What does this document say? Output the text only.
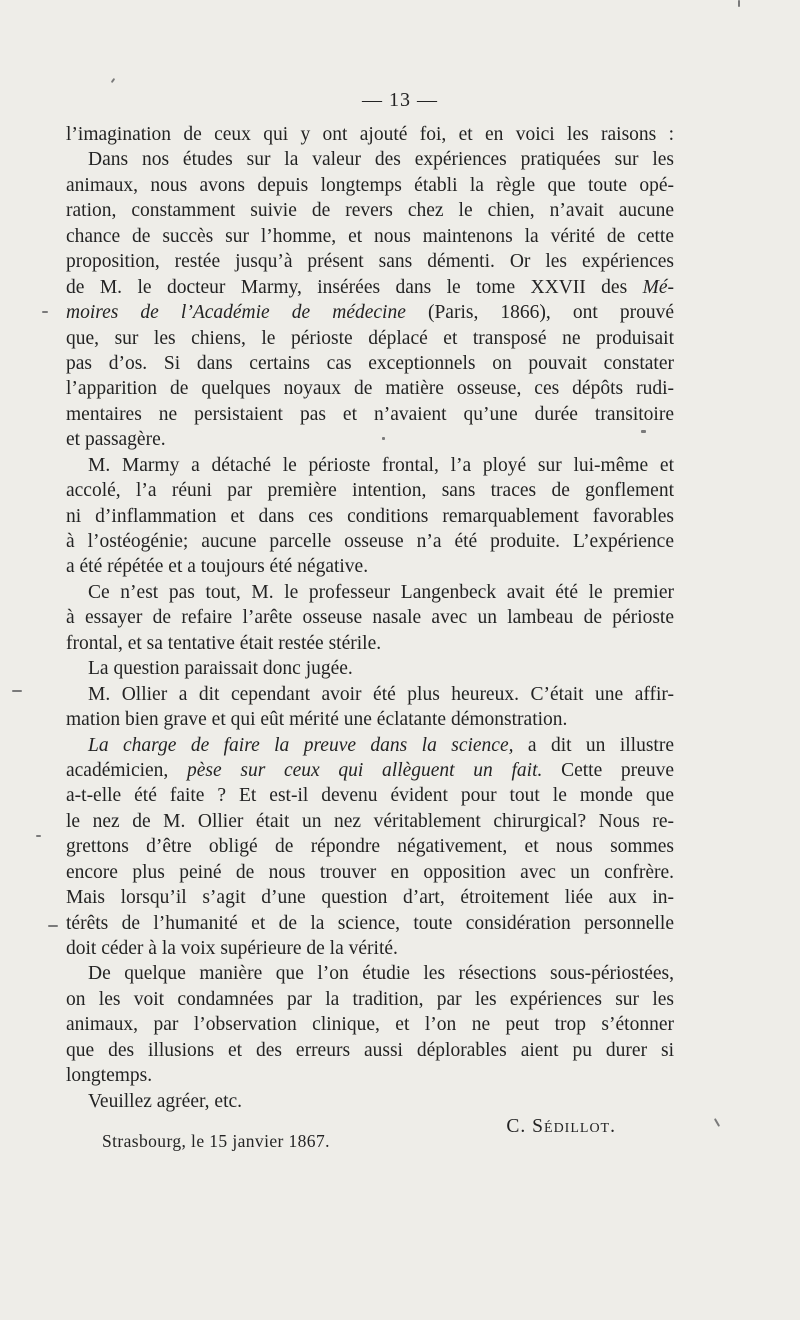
— 13 —
l’imagination de ceux qui y ont ajouté foi, et en voici les raisons :
Dans nos études sur la valeur des expériences pratiquées sur les
animaux, nous avons depuis longtemps établi la règle que toute opé-
ration, constamment suivie de revers chez le chien, n’avait aucune
chance de succès sur l’homme, et nous maintenons la vérité de cette
proposition, restée jusqu’à présent sans démenti. Or les expériences
de M. le docteur Marmy, insérées dans le tome XXVII des Mé-
moires de l’Académie de médecine (Paris, 1866), ont prouvé
que, sur les chiens, le périoste déplacé et transposé ne produisait
pas d’os. Si dans certains cas exceptionnels on pouvait constater
l’apparition de quelques noyaux de matière osseuse, ces dépôts rudi-
mentaires ne persistaient pas et n’avaient qu’une durée transitoire
et passagère.
M. Marmy a détaché le périoste frontal, l’a ployé sur lui-même et
accolé, l’a réuni par première intention, sans traces de gonflement
ni d’inflammation et dans ces conditions remarquablement favorables
à l’ostéogénie; aucune parcelle osseuse n’a été produite. L’expérience
a été répétée et a toujours été négative.
Ce n’est pas tout, M. le professeur Langenbeck avait été le premier
à essayer de refaire l’arête osseuse nasale avec un lambeau de périoste
frontal, et sa tentative était restée stérile.
La question paraissait donc jugée.
M. Ollier a dit cependant avoir été plus heureux. C’était une affir-
mation bien grave et qui eût mérité une éclatante démonstration.
La charge de faire la preuve dans la science, a dit un illustre
académicien, pèse sur ceux qui allèguent un fait. Cette preuve
a-t-elle été faite ? Et est-il devenu évident pour tout le monde que
le nez de M. Ollier était un nez véritablement chirurgical? Nous re-
grettons d’être obligé de répondre négativement, et nous sommes
encore plus peiné de nous trouver en opposition avec un confrère.
Mais lorsqu’il s’agit d’une question d’art, étroitement liée aux in-
térêts de l’humanité et de la science, toute considération personnelle
doit céder à la voix supérieure de la vérité.
De quelque manière que l’on étudie les résections sous-périostées,
on les voit condamnées par la tradition, par les expériences sur les
animaux, par l’observation clinique, et l’on ne peut trop s’étonner
que des illusions et des erreurs aussi déplorables aient pu durer si
longtemps.
Veuillez agréer, etc.
C. Sédillot.
Strasbourg, le 15 janvier 1867.
